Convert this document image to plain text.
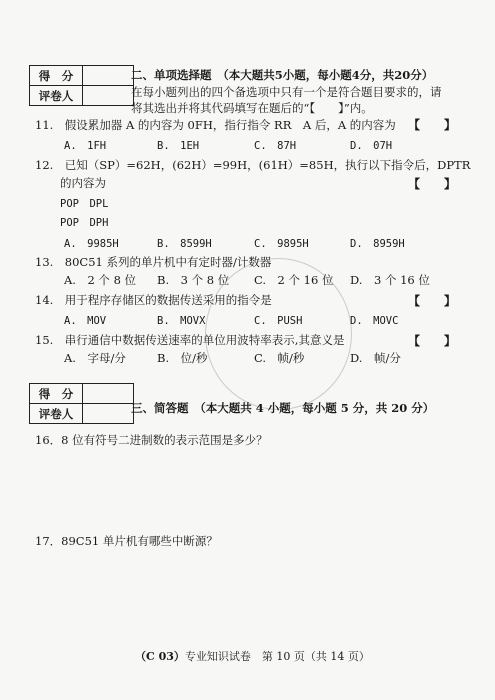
得　分	
评卷人	
二、单项选择题　（本大题共5小题，每小题4分，共20分）
在每小题列出的四个备选项中只有一个是符合题目要求的，请
将其选出并将其代码填写在题后的“【　　】”内。
11.　假设累加器 A 的内容为 0FH，指行指令 RR　A 后，A 的内容为 【　　】
A.　1FH	B.　1EH	C.　87H	D.　07H
12.　已知（SP）=62H，(62H）=99H，(61H）=85H，执行以下指令后，DPTR
的内容为	【　　】
POP　DPL
POP　DPH
A.　9985H	B.　8599H	C.　9895H	D.　8959H
13.　80C51 系列的单片机中有定时器/计数器
A.　2 个 8 位 B.　3 个 8 位 C.　2 个 16 位 D.　3 个 16 位
14.　用于程序存储区的数据传送采用的指令是	【　　】
A.　MOV	B.　MOVX	C.　PUSH	D.　MOVC
15.　串行通信中数据传送速率的单位用波特率表示,其意义是	【　　】
A.　字母/分	B.　位/秒	C.　帧/秒	D.　帧/分
得　分	
评卷人		三、简答题　（本大题共 4 小题，每小题 5 分，共 20 分）
16．8 位有符号二进制数的表示范围是多少？
17．89C51 单片机有哪些中断源？
（C 03）专业知识试卷　第 10 页（共 14 页）
